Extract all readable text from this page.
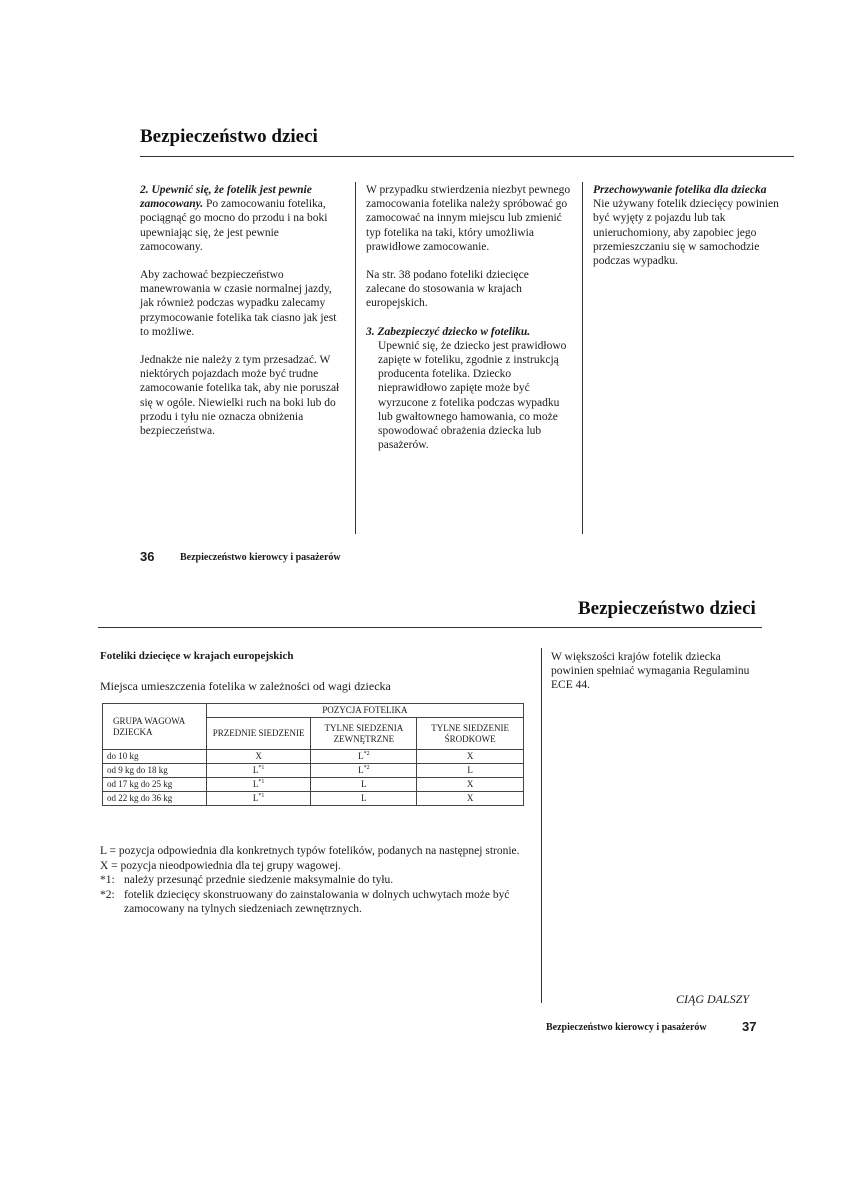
Bezpieczeństwo dzieci

2. Upewnić się, że fotelik jest pewnie zamocowany. Po zamocowaniu fotelika, pociągnąć go mocno do przodu i na boki upewniając się, że jest pewnie zamocowany.

Aby zachować bezpieczeństwo manewrowania w czasie normalnej jazdy, jak również podczas wypadku zalecamy przymocowanie fotelika tak ciasno jak jest to możliwe.

Jednakże nie należy z tym przesadzać. W niektórych pojazdach może być trudne zamocowanie fotelika tak, aby nie poruszał się w ogóle. Niewielki ruch na boki lub do przodu i tyłu nie oznacza obniżenia bezpieczeństwa.

W przypadku stwierdzenia niezbyt pewnego zamocowania fotelika należy spróbować go zamocować na innym miejscu lub zmienić typ fotelika na taki, który umożliwia prawidłowe zamocowanie.

Na str. 38 podano foteliki dziecięce zalecane do stosowania w krajach europejskich.

3. Zabezpieczyć dziecko w foteliku.

Upewnić się, że dziecko jest prawidłowo zapięte w foteliku, zgodnie z instrukcją producenta fotelika. Dziecko nieprawidłowo zapięte może być wyrzucone z fotelika podczas wypadku lub gwałtownego hamowania, co może spowodować obrażenia dziecka lub pasażerów.

Przechowywanie fotelika dla dziecka
Nie używany fotelik dziecięcy powinien być wyjęty z pojazdu lub tak unieruchomiony, aby zapobiec jego przemieszczaniu się w samochodzie podczas wypadku.
36	Bezpieczeństwo kierowcy i pasażerów
Bezpieczeństwo dzieci
Foteliki dziecięce w krajach europejskich
Miejsca umieszczenia fotelika w zależności od wagi dziecka
W większości krajów fotelik dziecka powinien spełniać wymagania Regulaminu ECE 44.
GRUPA WAGOWA DZIECKA	POZYCJA FOTELIKA		
	PRZEDNIE SIEDZENIE	TYLNE SIEDZENIA ZEWNĘTRZNE	TYLNE SIEDZENIE ŚRODKOWE
do 10 kg	X	$L^{*2}$	X
od 9 kg do 18 kg	$L^{*1}$	$L^{*2}$	L
od 17 kg do 25 kg	$L^{*1}$	L	X
od 22 kg do 36 kg	$L^{*1}$	L	X
L = pozycja odpowiednia dla konkretnych typów fotelików, podanych na następnej stronie.
X = pozycja nieodpowiednia dla tej grupy wagowej.
*1: należy przesunąć przednie siedzenie maksymalnie do tyłu.
*2: fotelik dziecięcy skonstruowany do zainstalowania w dolnych uchwytach może być zamocowany na tylnych siedzeniach zewnętrznych.
CIĄG DALSZY
Bezpieczeństwo kierowcy i pasażerów	37
